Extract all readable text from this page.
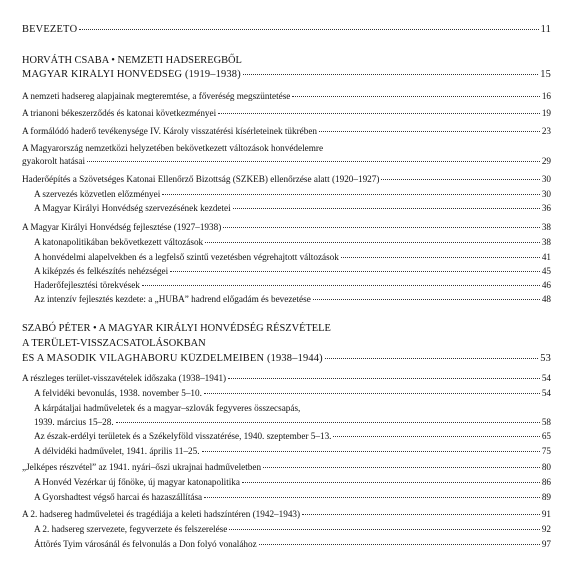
BEVEZETŐ	11
HORVÁTH CSABA • NEMZETI HADSEREGBŐL
MAGYAR KIRÁLYI HONVÉDSÉG (1919–1938)	15
A nemzeti hadsereg alapjainak megteremtése, a főveréség megszüntetése	16
A trianoni békeszerződés és katonai következményei	19
A formálódó haderő tevékenysége IV. Károly visszatérési kísérleteinek tükrében	23
A Magyarország nemzetközi helyzetében bekövetkezett változások honvédelemre
gyakorolt hatásai	29
Haderőépítés a Szövetséges Katonai Ellenőrző Bizottság (SZKEB) ellenőrzése alatt (1920–1927)	30
A szervezés közvetlen előzményei	30
A Magyar Királyi Honvédség szervezésének kezdetei	36
A Magyar Királyi Honvédség fejlesztése (1927–1938)	38
A katonapolitikában bekövetkezett változások	38
A honvédelmi alapelvekben és a legfelső szintű vezetésben végrehajtott változások	41
A kiképzés és felkészítés nehézségei	45
Haderőfejlesztési törekvések	46
Az intenzív fejlesztés kezdete: a „HUBA” hadrend előgadám és bevezetése	48
SZABÓ PÉTER • A MAGYAR KIRÁLYI HONVÉDSÉG RÉSZVÉTELE
A TERÜLET-VISSZACSATOLÁSOKBAN
ÉS A MÁSODIK VILÁGHÁBORÚ KÜZDELMEIBEN (1938–1944)	53
A részleges terület-visszavételek időszaka (1938–1941)	54
A felvidéki bevonulás, 1938. november 5–10.	54
A kárpátaljai hadműveletek és a magyar–szlovák fegyveres összecsapás,
1939. március 15–28.	58
Az észak-erdélyi területek és a Székelyföld visszatérése, 1940. szeptember 5–13.	65
A délvidéki hadművelet, 1941. április 11–25.	75
„Jelképes részvétel” az 1941. nyári–őszi ukrajnai hadműveletben	80
A Honvéd Vezérkar új főnöke, új magyar katonapolitika	86
A Gyorshadtest végső harcai és hazaszállítása	89
A 2. hadsereg hadműveletei és tragédiája a keleti hadszíntéren (1942–1943)	91
A 2. hadsereg szervezete, fegyverzete és felszerelése	92
Áttörés Tyim városánál és felvonulás a Don folyó vonalához	97
